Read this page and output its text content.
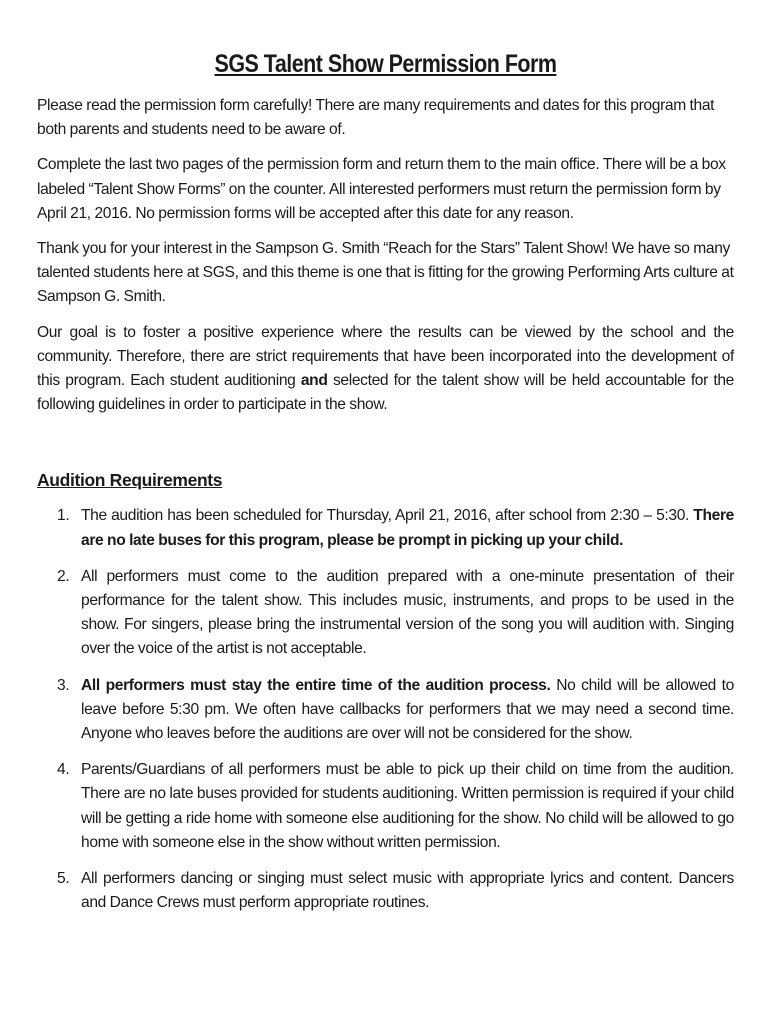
SGS Talent Show Permission Form

Please read the permission form carefully! There are many requirements and dates for this program that both parents and students need to be aware of.

Complete the last two pages of the permission form and return them to the main office. There will be a box labeled “Talent Show Forms” on the counter. All interested performers must return the permission form by April 21, 2016. No permission forms will be accepted after this date for any reason.

Thank you for your interest in the Sampson G. Smith “Reach for the Stars” Talent Show! We have so many talented students here at SGS, and this theme is one that is fitting for the growing Performing Arts culture at Sampson G. Smith.

Our goal is to foster a positive experience where the results can be viewed by the school and the community. Therefore, there are strict requirements that have been incorporated into the development of this program. Each student auditioning and selected for the talent show will be held accountable for the following guidelines in order to participate in the show.

Audition Requirements
1. The audition has been scheduled for Thursday, April 21, 2016, after school from 2:30 – 5:30. There are no late buses for this program, please be prompt in picking up your child.
2. All performers must come to the audition prepared with a one-minute presentation of their performance for the talent show. This includes music, instruments, and props to be used in the show. For singers, please bring the instrumental version of the song you will audition with. Singing over the voice of the artist is not acceptable.
3. All performers must stay the entire time of the audition process. No child will be allowed to leave before 5:30 pm. We often have callbacks for performers that we may need a second time. Anyone who leaves before the auditions are over will not be considered for the show.
4. Parents/Guardians of all performers must be able to pick up their child on time from the audition. There are no late buses provided for students auditioning. Written permission is required if your child will be getting a ride home with someone else auditioning for the show. No child will be allowed to go home with someone else in the show without written permission.
5. All performers dancing or singing must select music with appropriate lyrics and content. Dancers and Dance Crews must perform appropriate routines.
